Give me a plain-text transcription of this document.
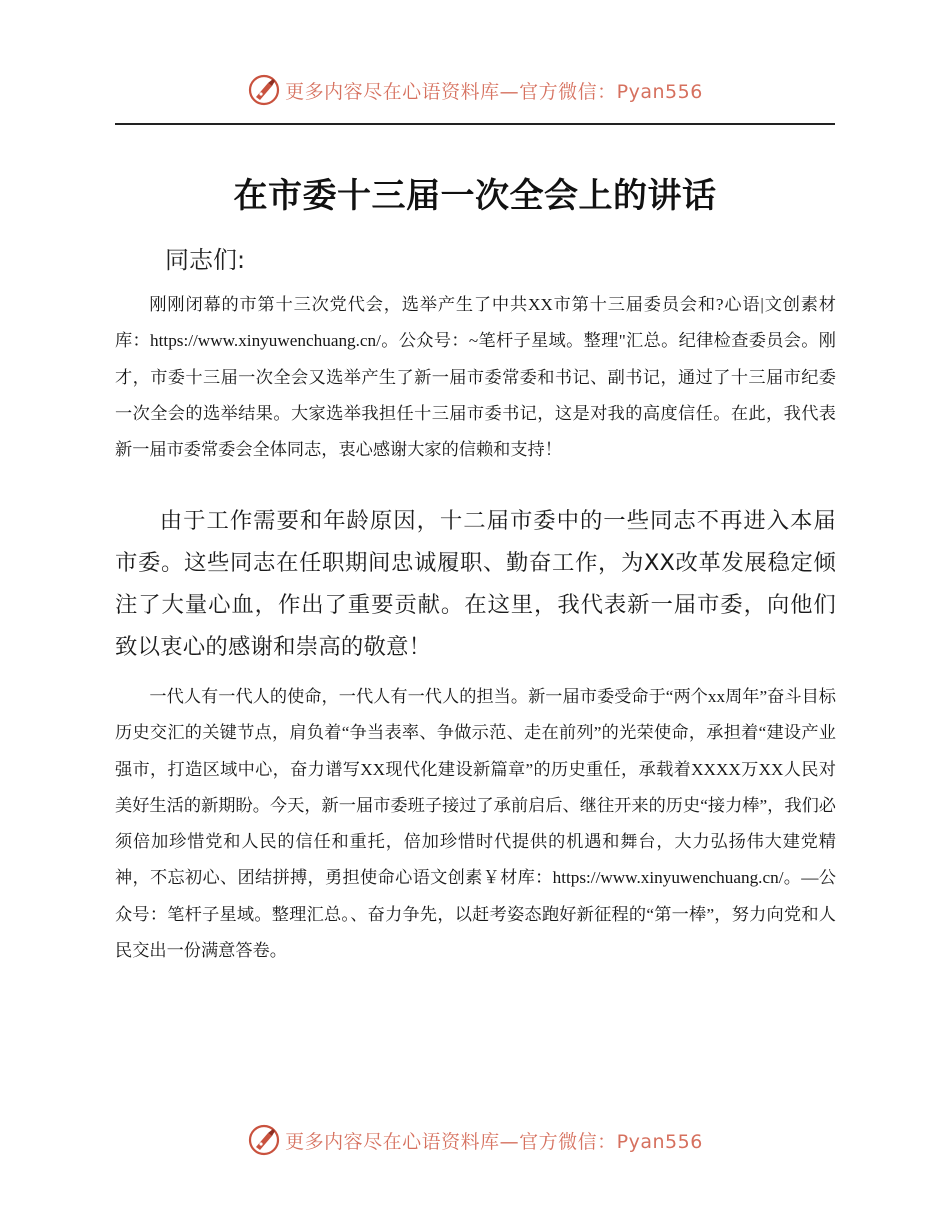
更多内容尽在心语资料库—官方微信：Pyan556
在市委十三届一次全会上的讲话
同志们:

刚刚闭幕的市第十三次党代会，选举产生了中共XX市第十三届委员会和?心语|文创素材库：https://www.xinyuwenchuang.cn/。公众号：~笔杆子星域。整理"汇总。纪律检查委员会。刚才，市委十三届一次全会又选举产生了新一届市委常委和书记、副书记，通过了十三届市纪委一次全会的选举结果。大家选举我担任十三届市委书记，这是对我的高度信任。在此，我代表新一届市委常委会全体同志，衷心感谢大家的信赖和支持！

由于工作需要和年龄原因，十二届市委中的一些同志不再进入本届市委。这些同志在任职期间忠诚履职、勤奋工作，为XX改革发展稳定倾注了大量心血，作出了重要贡献。在这里，我代表新一届市委，向他们致以衷心的感谢和崇高的敬意！

一代人有一代人的使命，一代人有一代人的担当。新一届市委受命于“两个xx周年”奋斗目标历史交汇的关键节点，肩负着“争当表率、争做示范、走在前列”的光荣使命，承担着“建设产业强市，打造区域中心，奋力谱写XX现代化建设新篇章”的历史重任，承载着XXXX万XX人民对美好生活的新期盼。今天，新一届市委班子接过了承前启后、继往开来的历史“接力棒”，我们必须倍加珍惜党和人民的信任和重托，倍加珍惜时代提供的机遇和舞台，大力弘扬伟大建党精神，不忘初心、团结拼搏，勇担使命心语文创素￥材库：https://www.xinyuwenchuang.cn/。—公众号：笔杆子星域。整理汇总。、奋力争先，以赶考姿态跑好新征程的“第一棒”，努力向党和人民交出一份满意答卷。

更多内容尽在心语资料库—官方微信：Pyan556
